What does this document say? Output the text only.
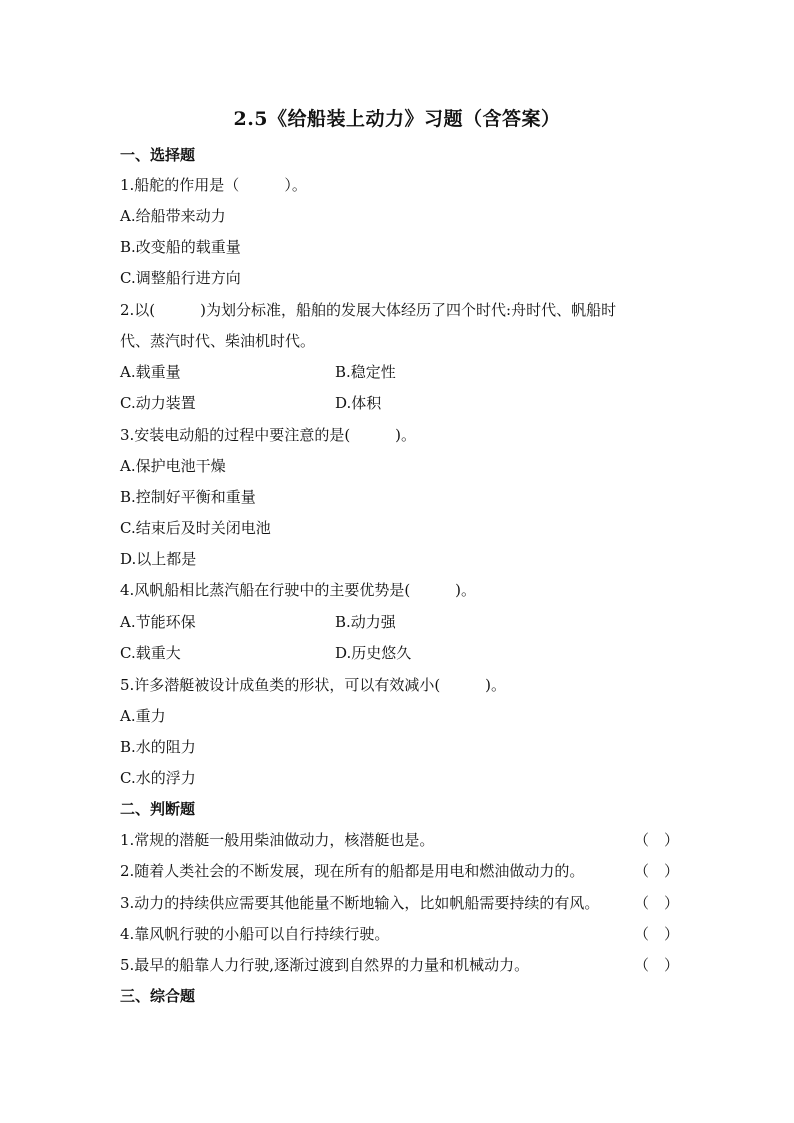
2.5《给船装上动力》习题（含答案）
一、选择题
1.船舵的作用是（　　　）。
A.给船带来动力
B.改变船的载重量
C.调整船行进方向
2.以(　　　)为划分标准，船舶的发展大体经历了四个时代:舟时代、帆船时
代、蒸汽时代、柴油机时代。
A.载重量	B.稳定性
C.动力装置	D.体积
3.安装电动船的过程中要注意的是(　　　)。
A.保护电池干燥
B.控制好平衡和重量
C.结束后及时关闭电池
D.以上都是
4.风帆船相比蒸汽船在行驶中的主要优势是(　　　)。
A.节能环保	B.动力强
C.载重大	D.历史悠久
5.许多潜艇被设计成鱼类的形状，可以有效减小(　　　)。
A.重力
B.水的阻力
C.水的浮力
二、判断题
1.常规的潜艇一般用柴油做动力，核潜艇也是。	（　）
2.随着人类社会的不断发展，现在所有的船都是用电和燃油做动力的。	（　）
3.动力的持续供应需要其他能量不断地输入，比如帆船需要持续的有风。 （　）
4.靠风帆行驶的小船可以自行持续行驶。	（　）
5.最早的船靠人力行驶,逐渐过渡到自然界的力量和机械动力。	（　）
三、综合题
